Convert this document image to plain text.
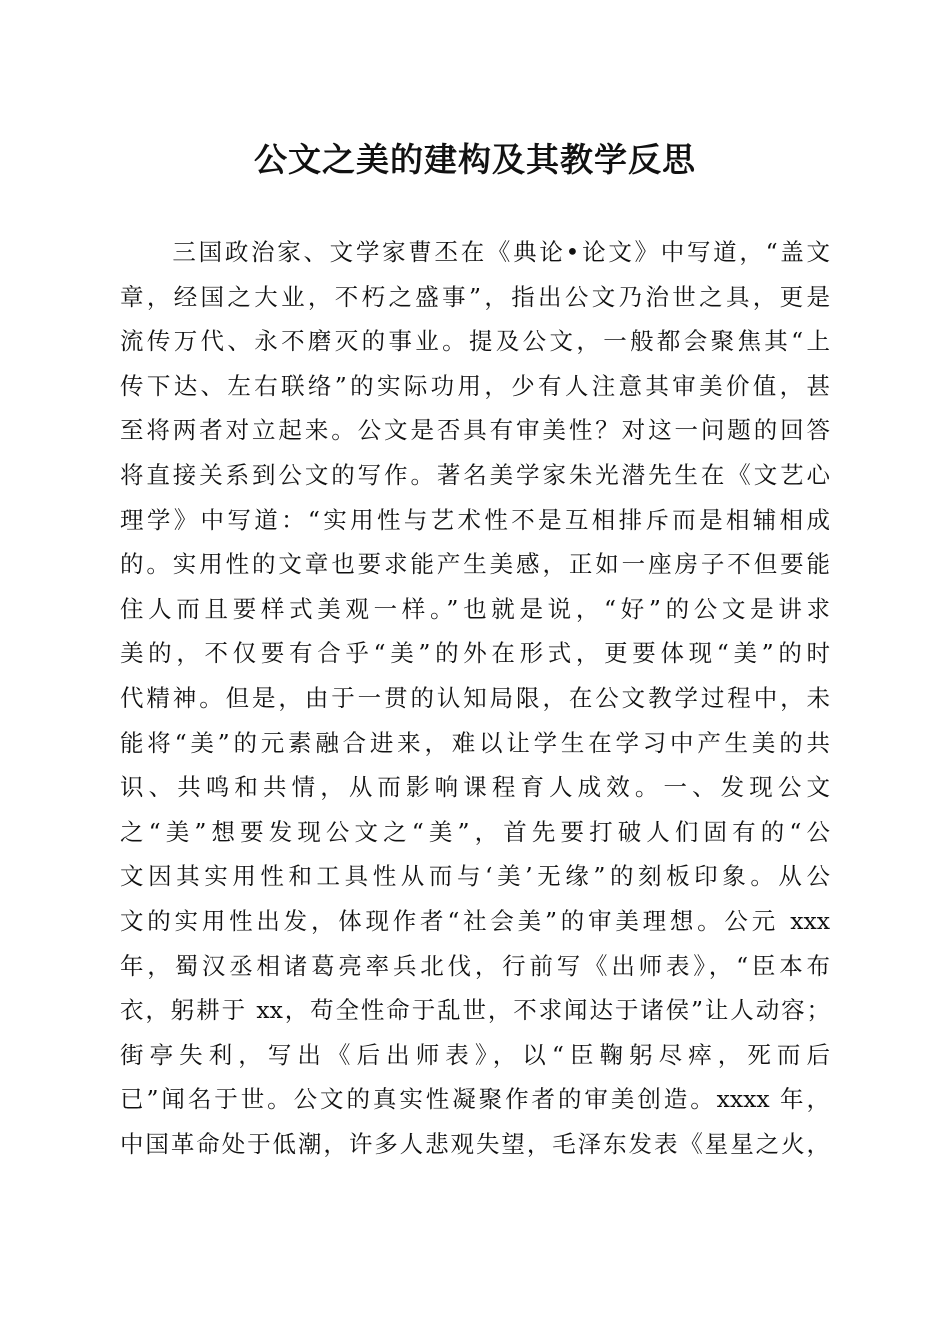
公文之美的建构及其教学反思
　　三国政治家、文学家曹丕在《典论•论文》中写道，“盖文
章，经国之大业，不朽之盛事”，指出公文乃治世之具，更是
流传万代、永不磨灭的事业。提及公文，一般都会聚焦其“上
传下达、左右联络”的实际功用，少有人注意其审美价值，甚
至将两者对立起来。公文是否具有审美性？对这一问题的回答
将直接关系到公文的写作。著名美学家朱光潜先生在《文艺心
理学》中写道：“实用性与艺术性不是互相排斥而是相辅相成
的。实用性的文章也要求能产生美感，正如一座房子不但要能
住人而且要样式美观一样。”也就是说，“好”的公文是讲求
美的，不仅要有合乎“美”的外在形式，更要体现“美”的时
代精神。但是，由于一贯的认知局限，在公文教学过程中，未
能将“美”的元素融合进来，难以让学生在学习中产生美的共
识、共鸣和共情，从而影响课程育人成效。一、发现公文
之“美”想要发现公文之“美”，首先要打破人们固有的“公
文因其实用性和工具性从而与‘美’无缘”的刻板印象。从公
文的实用性出发，体现作者“社会美”的审美理想。公元 xxx
年，蜀汉丞相诸葛亮率兵北伐，行前写《出师表》，“臣本布
衣，躬耕于 xx，苟全性命于乱世，不求闻达于诸侯”让人动容；
街亭失利，写出《后出师表》，以“臣鞠躬尽瘁，死而后
已”闻名于世。公文的真实性凝聚作者的审美创造。xxxx 年，
中国革命处于低潮，许多人悲观失望，毛泽东发表《星星之火，
